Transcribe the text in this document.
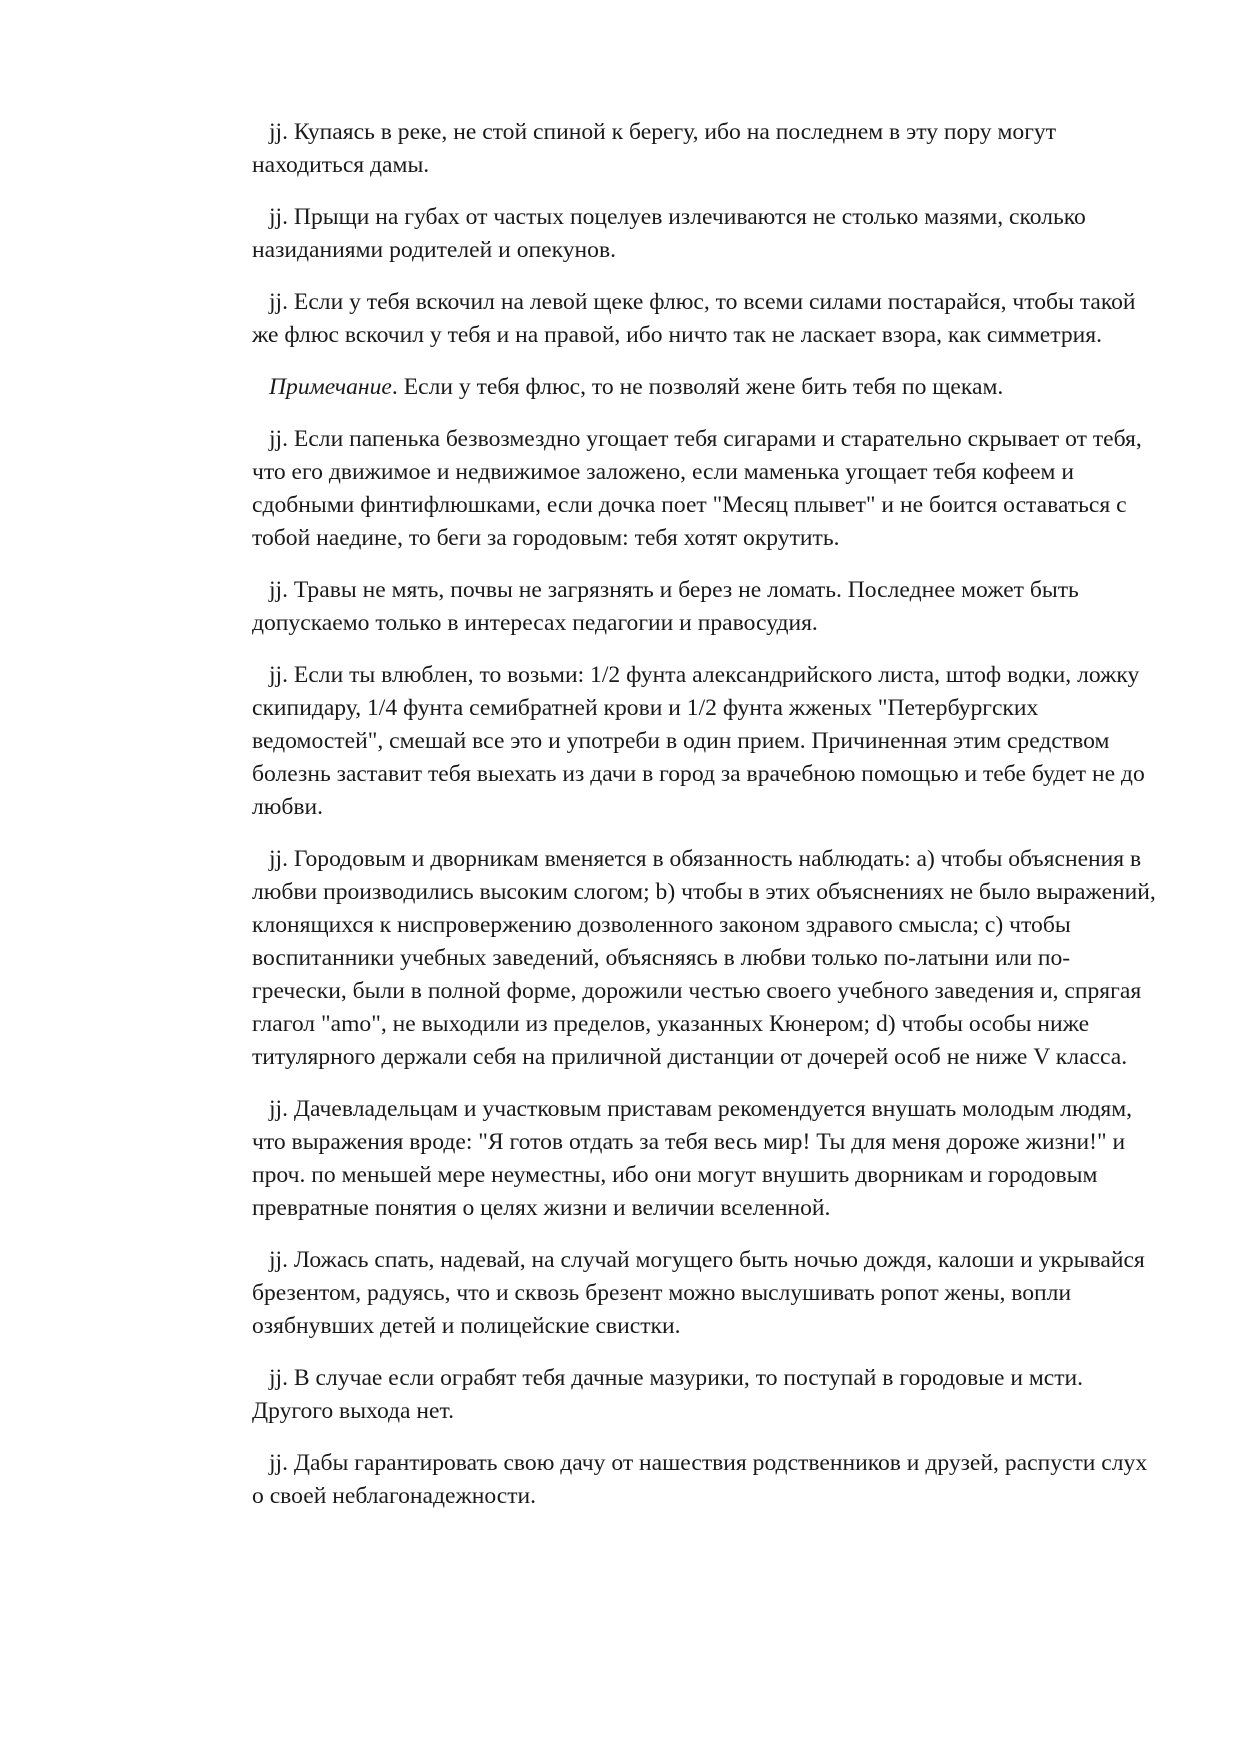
jj. Купаясь в реке, не стой спиной к берегу, ибо на последнем в эту пору могут находиться дамы.

jj. Прыщи на губах от частых поцелуев излечиваются не столько мазями, сколько назиданиями родителей и опекунов.

jj. Если у тебя вскочил на левой щеке флюс, то всеми силами постарайся, чтобы такой же флюс вскочил у тебя и на правой, ибо ничто так не ласкает взора, как симметрия.

Примечание. Если у тебя флюс, то не позволяй жене бить тебя по щекам.

jj. Если папенька безвозмездно угощает тебя сигарами и старательно скрывает от тебя, что его движимое и недвижимое заложено, если маменька угощает тебя кофеем и сдобными финтифлюшками, если дочка поет "Месяц плывет" и не боится оставаться с тобой наедине, то беги за городовым: тебя хотят окрутить.

jj. Травы не мять, почвы не загрязнять и берез не ломать. Последнее может быть допускаемо только в интересах педагогии и правосудия.

jj. Если ты влюблен, то возьми: 1/2 фунта александрийского листа, штоф водки, ложку скипидару, 1/4 фунта семибратней крови и 1/2 фунта жженых "Петербургских ведомостей", смешай все это и употреби в один прием. Причиненная этим средством болезнь заставит тебя выехать из дачи в город за врачебною помощью и тебе будет не до любви.

jj. Городовым и дворникам вменяется в обязанность наблюдать: a) чтобы объяснения в любви производились высоким слогом; b) чтобы в этих объяснениях не было выражений, клонящихся к ниспровержению дозволенного законом здравого смысла; c) чтобы воспитанники учебных заведений, объясняясь в любви только по-латыни или по-гречески, были в полной форме, дорожили честью своего учебного заведения и, спрягая глагол "amo", не выходили из пределов, указанных Кюнером; d) чтобы особы ниже титулярного держали себя на приличной дистанции от дочерей особ не ниже V класса.

jj. Дачевладельцам и участковым приставам рекомендуется внушать молодым людям, что выражения вроде: "Я готов отдать за тебя весь мир! Ты для меня дороже жизни!" и проч. по меньшей мере неуместны, ибо они могут внушить дворникам и городовым превратные понятия о целях жизни и величии вселенной.

jj. Ложась спать, надевай, на случай могущего быть ночью дождя, калоши и укрывайся брезентом, радуясь, что и сквозь брезент можно выслушивать ропот жены, вопли озябнувших детей и полицейские свистки.

jj. В случае если ограбят тебя дачные мазурики, то поступай в городовые и мсти. Другого выхода нет.

jj. Дабы гарантировать свою дачу от нашествия родственников и друзей, распусти слух о своей неблагонадежности.
